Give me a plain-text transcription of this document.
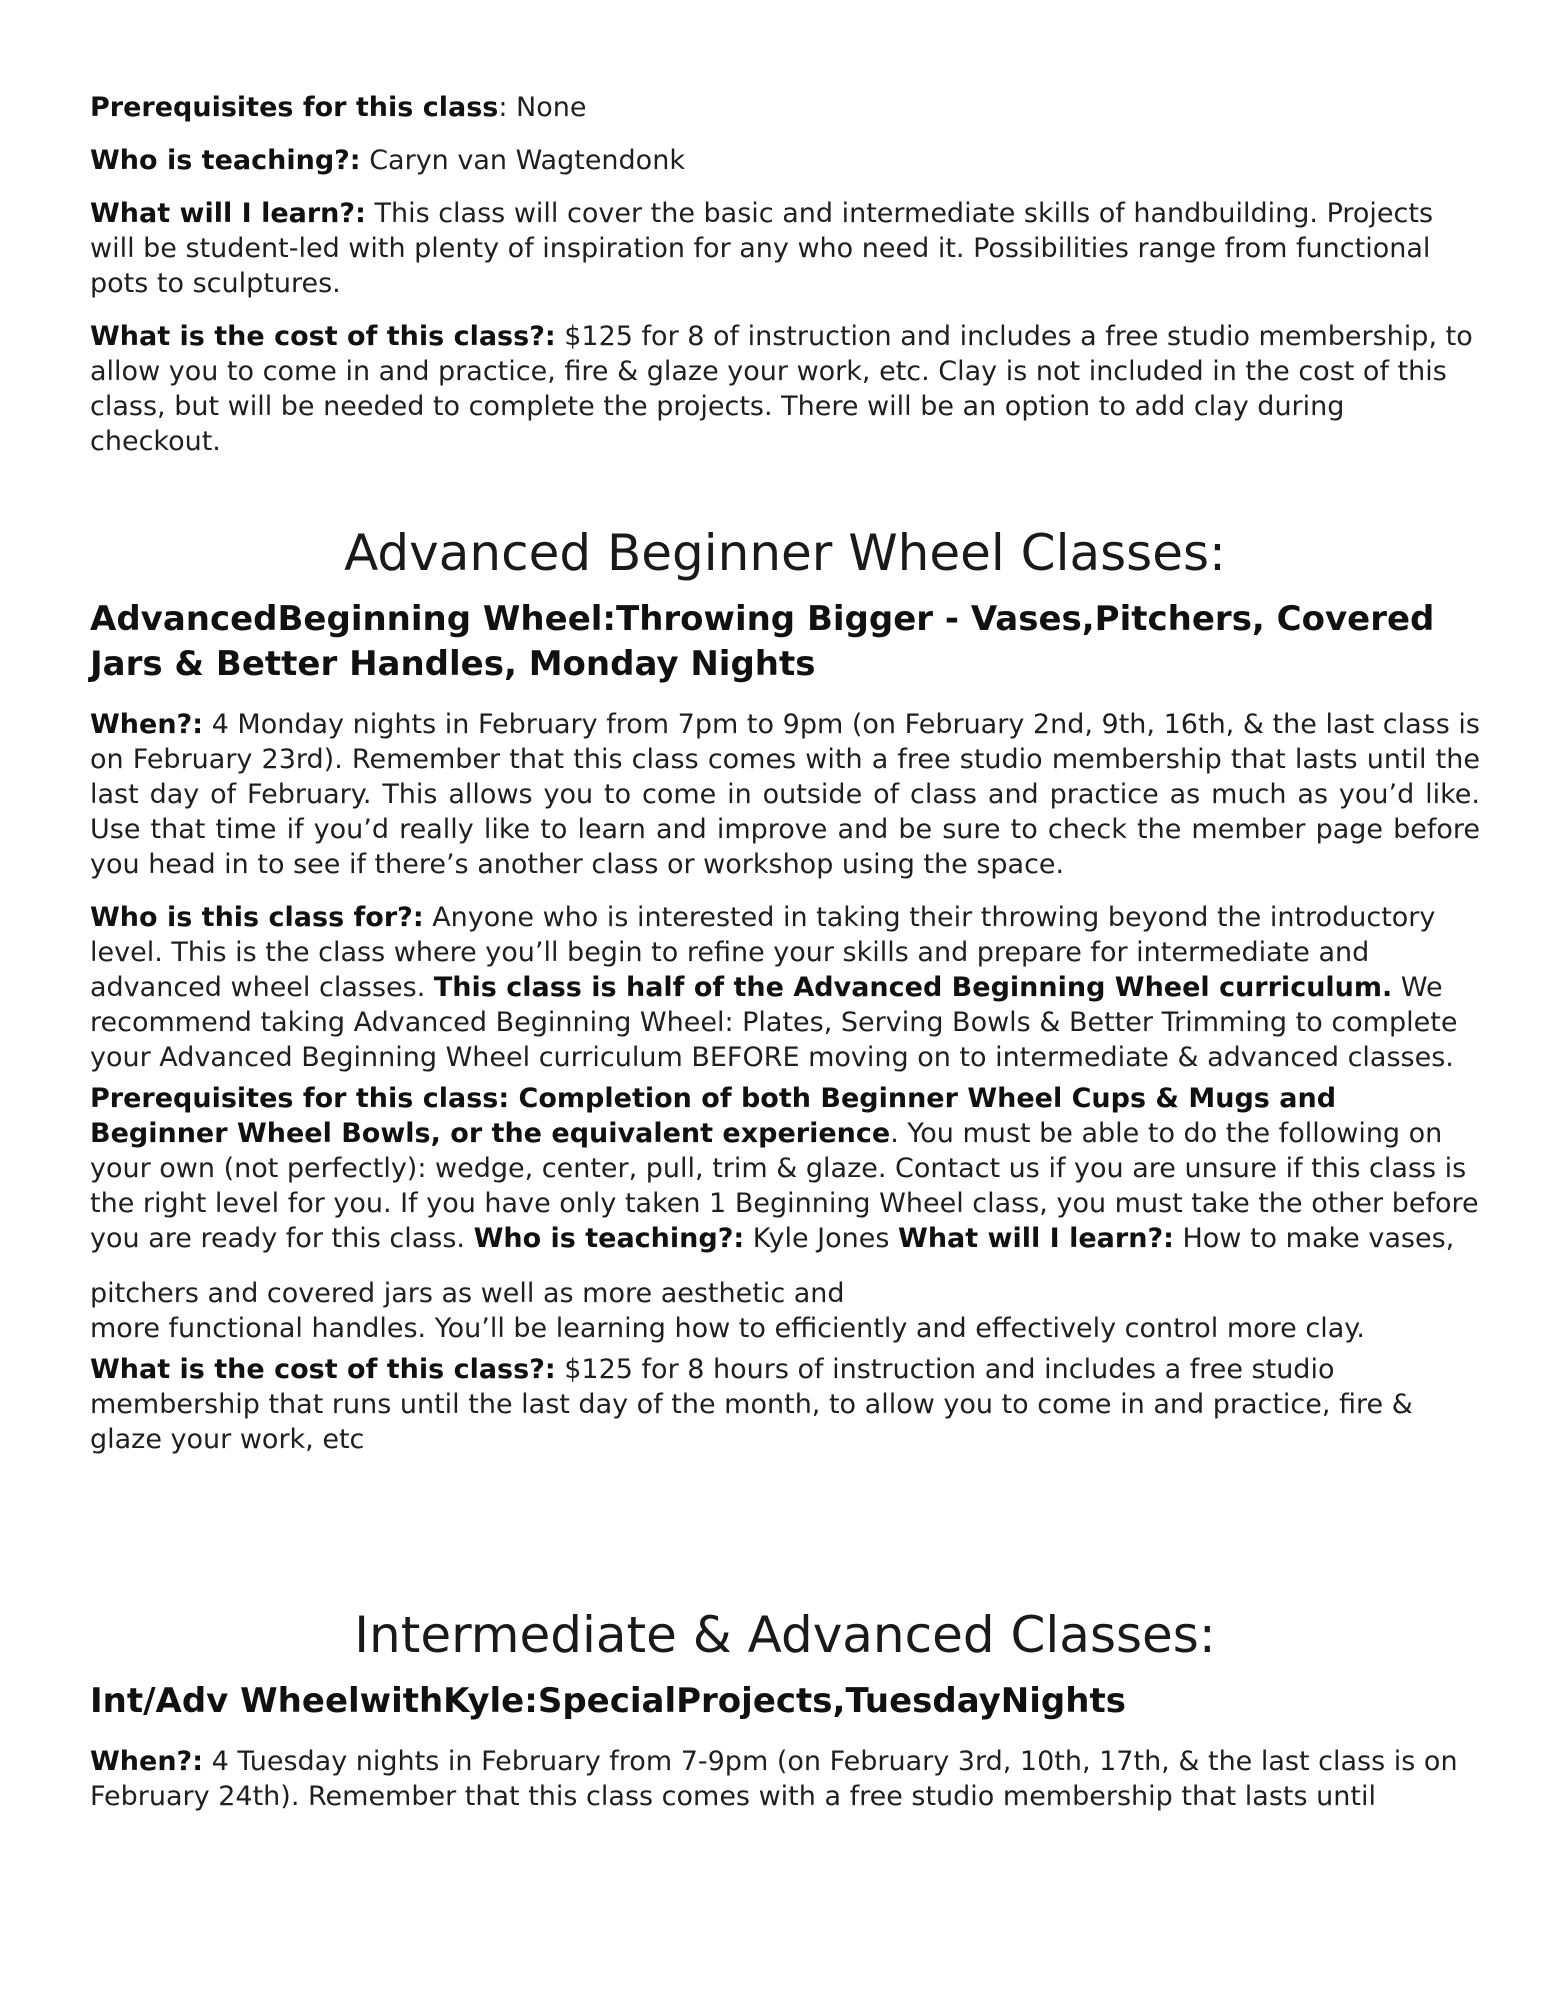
Prerequisites for this class: None

Who is teaching?: Caryn van Wagtendonk

What will I learn?: This class will cover the basic and intermediate skills of handbuilding. Projects will be student-led with plenty of inspiration for any who need it. Possibilities range from functional pots to sculptures.

What is the cost of this class?: $125 for 8 of instruction and includes a free studio membership, to allow you to come in and practice, fire & glaze your work, etc. Clay is not included in the cost of this class, but will be needed to complete the projects. There will be an option to add clay during checkout.

Advanced Beginner Wheel Classes:
AdvancedBeginning Wheel:Throwing Bigger - Vases,Pitchers, Covered Jars & Better Handles, Monday Nights

When?: 4 Monday nights in February from 7pm to 9pm (on February 2nd, 9th, 16th, & the last class is on February 23rd). Remember that this class comes with a free studio membership that lasts until the last day of February. This allows you to come in outside of class and practice as much as you’d like. Use that time if you’d really like to learn and improve and be sure to check the member page before you head in to see if there’s another class or workshop using the space.

Who is this class for?: Anyone who is interested in taking their throwing beyond the introductory level. This is the class where you’ll begin to refine your skills and prepare for intermediate and advanced wheel classes. This class is half of the Advanced Beginning Wheel curriculum. We recommend taking Advanced Beginning Wheel: Plates, Serving Bowls & Better Trimming to complete your Advanced Beginning Wheel curriculum BEFORE moving on to intermediate & advanced classes.

Prerequisites for this class: Completion of both Beginner Wheel Cups & Mugs and Beginner Wheel Bowls, or the equivalent experience. You must be able to do the following on your own (not perfectly): wedge, center, pull, trim & glaze. Contact us if you are unsure if this class is the right level for you. If you have only taken 1 Beginning Wheel class, you must take the other before you are ready for this class. Who is teaching?: Kyle Jones What will I learn?: How to make vases,

pitchers and covered jars as well as more aesthetic and
more functional handles. You’ll be learning how to efficiently and effectively control more clay.

What is the cost of this class?: $125 for 8 hours of instruction and includes a free studio membership that runs until the last day of the month, to allow you to come in and practice, fire & glaze your work, etc

Intermediate & Advanced Classes:
Int/Adv WheelwithKyle:SpecialProjects,TuesdayNights

When?: 4 Tuesday nights in February from 7-9pm (on February 3rd, 10th, 17th, & the last class is on February 24th). Remember that this class comes with a free studio membership that lasts until
